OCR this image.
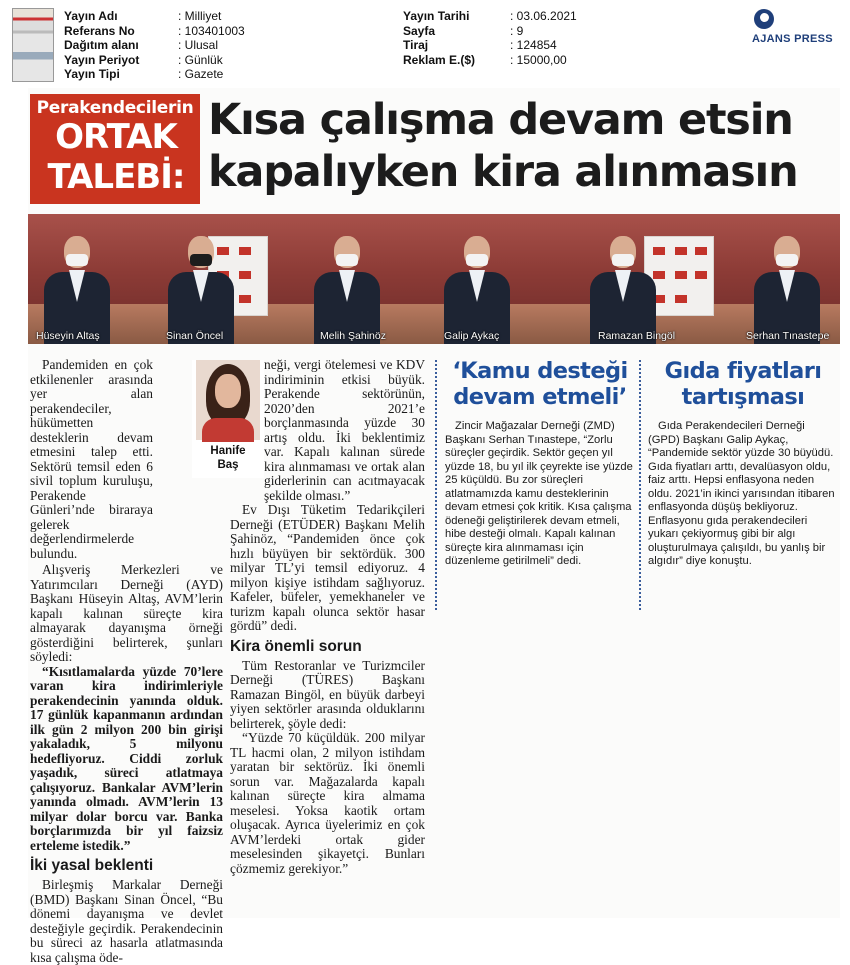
Yayın Adı	: Milliyet
Referans No	: 103401003
Dağıtım alanı	: Ulusal
Yayın Periyot	: Günlük
Yayın Tipi	: Gazete
Yayın Tarihi	: 03.06.2021
Sayfa	: 9
Tiraj	: 124854
Reklam E.($)	: 15000,00
AJANS PRESS
Perakendecilerin
ORTAK
TALEBİ:
Kısa çalışma devam etsin
kapalıyken kira alınmasın
Hüseyin Altaş	Sinan Öncel	Melih Şahinöz	Galip Aykaç	Ramazan Bingöl	Serhan Tınastepe
Hanife
Baş

Pandemiden en çok etkilenenler arasında yer alan perakendeciler, hükümetten desteklerin devam etmesini talep etti. Sektörü temsil eden 6 sivil toplum kuruluşu, Perakende Günleri’nde biraraya gelerek değerlendirmelerde bulundu.

Alışveriş Merkezleri ve Yatırımcıları Derneği (AYD) Başkanı Hüseyin Altaş, AVM’lerin kapalı kalınan süreçte kira almayarak dayanışma örneği gösterdiğini belirterek, şunları söyledi:

“Kısıtlamalarda yüzde 70’lere varan kira indirimleriyle perakendecinin yanında olduk. 17 günlük kapanmanın ardından ilk gün 2 milyon 200 bin girişi yakaladık, 5 milyonu hedefliyoruz. Ciddi zorluk yaşadık, süreci atlatmaya çalışıyoruz. Bankalar AVM’lerin yanında olmadı. AVM’lerin 13 milyar dolar borcu var. Banka borçlarımızda bir yıl faizsiz erteleme istedik.”

İki yasal beklenti

Birleşmiş Markalar Derneği (BMD) Başkanı Sinan Öncel, “Bu dönemi dayanışma ve devlet desteğiyle geçirdik. Perakendecinin bu süreci az hasarla atlatmasında kısa çalışma öde-

neği, vergi ötelemesi ve KDV indiriminin etkisi büyük. Perakende sektörünün, 2020’den 2021’e borçlanmasında yüzde 30 artış oldu. İki beklentimiz var. Kapalı kalınan sürede kira alınmaması ve ortak alan giderlerinin can acıtmayacak şekilde olması.”

Ev Dışı Tüketim Tedarikçileri Derneği (ETÜDER) Başkanı Melih Şahinöz, “Pandemiden önce çok hızlı büyüyen bir sektördük. 300 milyar TL’yi temsil ediyoruz. 4 milyon kişiye istihdam sağlıyoruz. Kafeler, büfeler, yemekhaneler ve turizm kapalı olunca sektör hasar gördü” dedi.

Kira önemli sorun

Tüm Restoranlar ve Turizmciler Derneği (TÜRES) Başkanı Ramazan Bingöl, en büyük darbeyi yiyen sektörler arasında olduklarını belirterek, şöyle dedi:

“Yüzde 70 küçüldük. 200 milyar TL hacmi olan, 2 milyon istihdam yaratan bir sektörüz. İki önemli sorun var. Mağazalarda kapalı kalınan süreçte kira almama meselesi. Yoksa kaotik ortam oluşacak. Ayrıca üyelerimiz en çok AVM’lerdeki ortak gider meselesinden şikayetçi. Bunları çözmemiz gerekiyor.”

‘Kamu desteği devam etmeli’

Zincir Mağazalar Derneği (ZMD) Başkanı Serhan Tınastepe, “Zorlu süreçler geçirdik. Sektör geçen yıl yüzde 18, bu yıl ilk çeyrekte ise yüzde 25 küçüldü. Bu zor süreçleri atlatmamızda kamu desteklerinin devam etmesi çok kritik. Kısa çalışma ödeneği geliştirilerek devam etmeli, hibe desteği olmalı. Kapalı kalınan süreçte kira alınmaması için düzenleme getirilmeli” dedi.

Gıda fiyatları tartışması

Gıda Perakendecileri Derneği (GPD) Başkanı Galip Aykaç, “Pandemide sektör yüzde 30 büyüdü. Gıda fiyatları arttı, devalüasyon oldu, faiz arttı. Hepsi enflasyona neden oldu. 2021’in ikinci yarısından itibaren enflasyonda düşüş bekliyoruz. Enflasyonu gıda perakendecileri yukarı çekiyormuş gibi bir algı oluşturulmaya çalışıldı, bu yanlış bir algıdır” diye konuştu.
